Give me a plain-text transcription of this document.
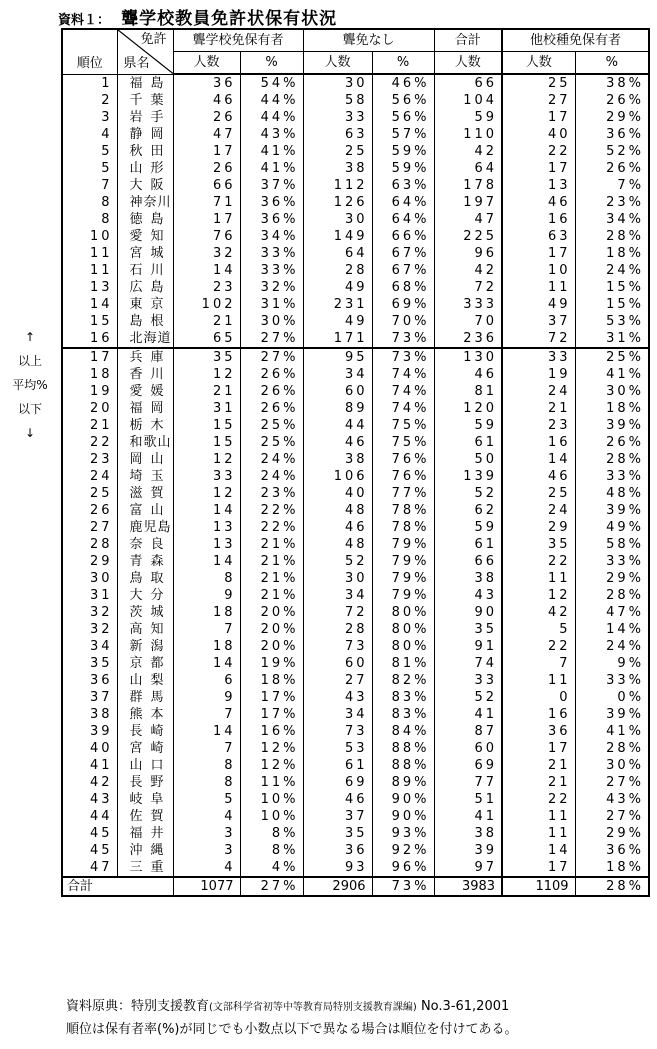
資料１： 聾学校教員免許状保有状況
順位	免許
県名	聾学校免保有者		聾免なし		合計	他校種免保有者	
		人数	%	人数	%	人数	人数	%
1	福島	36	54%	30	46%	66	25	38%
2	千葉	46	44%	58	56%	104	27	26%
3	岩手	26	44%	33	56%	59	17	29%
4	静岡	47	43%	63	57%	110	40	36%
5	秋田	17	41%	25	59%	42	22	52%
5	山形	26	41%	38	59%	64	17	26%
7	大阪	66	37%	112	63%	178	13	7%
8	神奈川	71	36%	126	64%	197	46	23%
8	徳島	17	36%	30	64%	47	16	34%
10	愛知	76	34%	149	66%	225	63	28%
11	宮城	32	33%	64	67%	96	17	18%
11	石川	14	33%	28	67%	42	10	24%
13	広島	23	32%	49	68%	72	11	15%
14	東京	102	31%	231	69%	333	49	15%
15	島根	21	30%	49	70%	70	37	53%
16	北海道	65	27%	171	73%	236	72	31%
17	兵庫	35	27%	95	73%	130	33	25%
18	香川	12	26%	34	74%	46	19	41%
19	愛媛	21	26%	60	74%	81	24	30%
20	福岡	31	26%	89	74%	120	21	18%
21	栃木	15	25%	44	75%	59	23	39%
22	和歌山	15	25%	46	75%	61	16	26%
23	岡山	12	24%	38	76%	50	14	28%
24	埼玉	33	24%	106	76%	139	46	33%
25	滋賀	12	23%	40	77%	52	25	48%
26	富山	14	22%	48	78%	62	24	39%
27	鹿児島	13	22%	46	78%	59	29	49%
28	奈良	13	21%	48	79%	61	35	58%
29	青森	14	21%	52	79%	66	22	33%
30	鳥取	8	21%	30	79%	38	11	29%
31	大分	9	21%	34	79%	43	12	28%
32	茨城	18	20%	72	80%	90	42	47%
32	高知	7	20%	28	80%	35	5	14%
34	新潟	18	20%	73	80%	91	22	24%
35	京都	14	19%	60	81%	74	7	9%
36	山梨	6	18%	27	82%	33	11	33%
37	群馬	9	17%	43	83%	52	0	0%
38	熊本	7	17%	34	83%	41	16	39%
39	長崎	14	16%	73	84%	87	36	41%
40	宮崎	7	12%	53	88%	60	17	28%
41	山口	8	12%	61	88%	69	21	30%
42	長野	8	11%	69	89%	77	21	27%
43	岐阜	5	10%	46	90%	51	22	43%
44	佐賀	4	10%	37	90%	41	11	27%
45	福井	3	8%	35	93%	38	11	29%
45	沖縄	3	8%	36	92%	39	14	36%
47	三重	4	4%	93	96%	97	17	18%
合計		1077	27%	2906	73%	3983	1109	28%
↑
以上
平均%
以下
↓
資料原典：特別支援教育(文部科学省初等中等教育局特別支援教育課編) No.3-61,2001
順位は保有者率(%)が同じでも小数点以下で異なる場合は順位を付けてある。
